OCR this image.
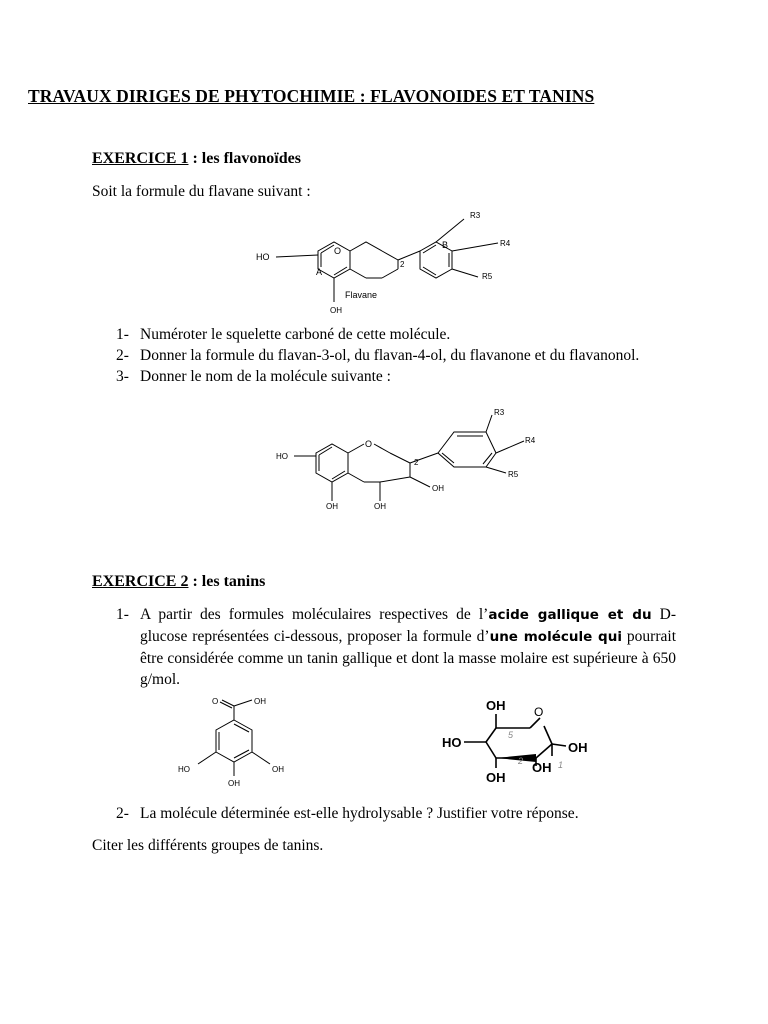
TRAVAUX DIRIGES DE PHYTOCHIMIE : FLAVONOIDES ET TANINS
EXERCICE 1 : les flavonoïdes
Soit la formule du flavane suivant :
O
HO
A
B
2
R3
R4
R5
Flavane
OH
1- Numéroter le squelette carboné de cette molécule.
2- Donner la formule du flavan-3-ol, du flavan-4-ol, du flavanone et du flavanonol.
3- Donner le nom de la molécule suivante :
O
HO
2
R3
R4
R5
OH
OH	OH
EXERCICE 2 : les tanins
1- A partir des formules moléculaires respectives de l’acide gallique et du D-glucose représentées ci-dessous, proposer la formule d’une molécule qui pourrait être considérée comme un tanin gallique et dont la masse molaire est supérieure à 650 g/mol.
O	OH
HO	OH
OH
OH O
HO
OH
OH
OH
5
2	1
2- La molécule déterminée est-elle hydrolysable ? Justifier votre réponse.
Citer les différents groupes de tanins.
